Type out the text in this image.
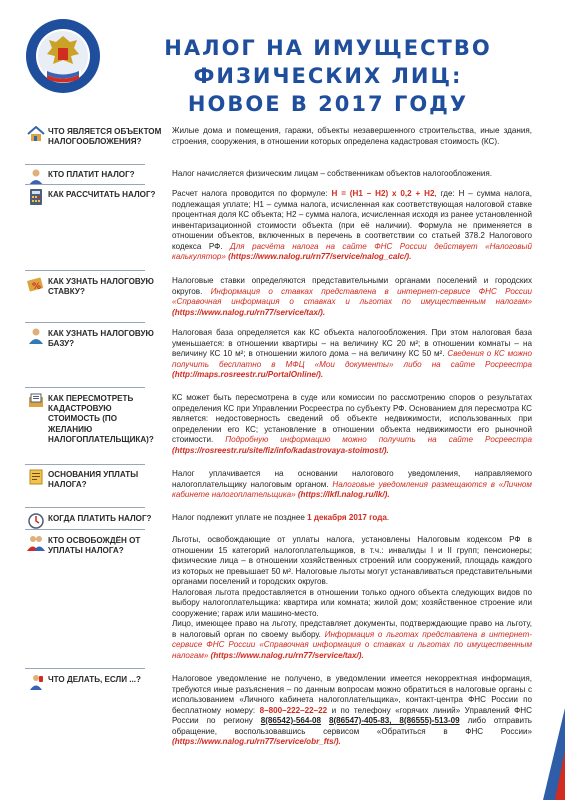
НАЛОГ НА ИМУЩЕСТВО ФИЗИЧЕСКИХ ЛИЦ:
НОВОЕ В 2017 ГОДУ
ЧТО ЯВЛЯЕТСЯ ОБЪЕКТОМ НАЛОГООБЛОЖЕНИЯ?
Жилые дома и помещения, гаражи, объекты незавершенного строительства, иные здания, строения, сооружения, в отношении которых определена кадастровая стоимость (КС).
КТО ПЛАТИТ НАЛОГ?	Налог начисляется физическим лицам – собственникам объектов налогообложения.
КАК РАССЧИТАТЬ НАЛОГ?	Расчет налога проводится по формуле: Н = (Н1 – Н2) х 0,2 + Н2, где: Н – сумма налога, подлежащая уплате; Н1 – сумма налога, исчисленная как соответствующая налоговой ставке процентная доля КС объекта; Н2 – сумма налога, исчисленная исходя из ранее установленной инвентаризационной стоимости объекта (при её наличии). Формула не применяется в отношении объектов, включенных в перечень в соответствии со статьей 378.2 Налогового кодекса РФ. Для расчёта налога на сайте ФНС России действует «Налоговый калькулятор» (https://www.nalog.ru/rn77/service/nalog_calc/).
%
КАК УЗНАТЬ НАЛОГОВУЮ СТАВКУ?
Налоговые ставки определяются представительными органами поселений и городских округов. Информация о ставках представлена в интернет-сервисе ФНС России «Справочная информация о ставках и льготах по имущественным налогам» (https://www.nalog.ru/rn77/service/tax/).
КАК УЗНАТЬ НАЛОГОВУЮ БАЗУ?
Налоговая база определяется как КС объекта налогообложения. При этом налоговая база уменьшается: в отношении квартиры – на величину КС 20 м²; в отношении комнаты – на величину КС 10 м²; в отношении жилого дома – на величину КС 50 м². Сведения о КС можно получить бесплатно в МФЦ «Мои документы» либо на сайте Росреестра (http://maps.rosreestr.ru/PortalOnline/).
КАК ПЕРЕСМОТРЕТЬ КАДАСТРОВУЮ СТОИМОСТЬ (ПО ЖЕЛАНИЮ НАЛОГОПЛАТЕЛЬЩИКА)?
КС может быть пересмотрена в суде или комиссии по рассмотрению споров о результатах определения КС при Управлении Росреестра по субъекту РФ. Основанием для пересмотра КС является: недостоверность сведений об объекте недвижимости, использованных при определении его КС; установление в отношении объекта недвижимости его рыночной стоимости. Подробную информацию можно получить на сайте Росреестра (https://rosreestr.ru/site/fiz/info/kadastrovaya-stoimost/).
ОСНОВАНИЯ УПЛАТЫ НАЛОГА?
Налог уплачивается на основании налогового уведомления, направляемого налогоплательщику налоговым органом. Налоговые уведомления размещаются в «Личном кабинете налогоплательщика» (https://lkfl.nalog.ru/lk/).
КОГДА ПЛАТИТЬ НАЛОГ?	Налог подлежит уплате не позднее 1 декабря 2017 года.
КТО ОСВОБОЖДЁН ОТ УПЛАТЫ НАЛОГА?
Льготы, освобождающие от уплаты налога, установлены Налоговым кодексом РФ в отношении 15 категорий налогоплательщиков, в т.ч.: инвалиды I и II групп; пенсионеры; физические лица – в отношении хозяйственных строений или сооружений, площадь каждого из которых не превышает 50 м². Налоговые льготы могут устанавливаться представительными органами поселений и городских округов.
Налоговая льгота предоставляется в отношении только одного объекта следующих видов по выбору налогоплательщика: квартира или комната; жилой дом; хозяйственное строение или сооружение; гараж или машино-место.
Лицо, имеющее право на льготу, представляет документы, подтверждающие право на льготу, в налоговый орган по своему выбору. Информация о льготах представлена в интернет-сервисе ФНС России «Справочная информация о ставках и льготах по имущественным налогам» (https://www.nalog.ru/rn77/service/tax/).
ЧТО ДЕЛАТЬ, ЕСЛИ ...?	Налоговое уведомление не получено, в уведомлении имеется некорректная информация, требуются иные разъяснения – по данным вопросам можно обратиться в налоговые органы с использованием «Личного кабинета налогоплательщика», контакт-центра ФНС России по бесплатному номеру: 8–800–222–22–22 и по телефону «горячих линий» Управлений ФНС России по региону 8(86542)-564-08 8(86547)-405-83, 8(86555)-513-09 либо отправить обращение, воспользовавшись сервисом «Обратиться в ФНС России» (https://www.nalog.ru/rn77/service/obr_fts/).
